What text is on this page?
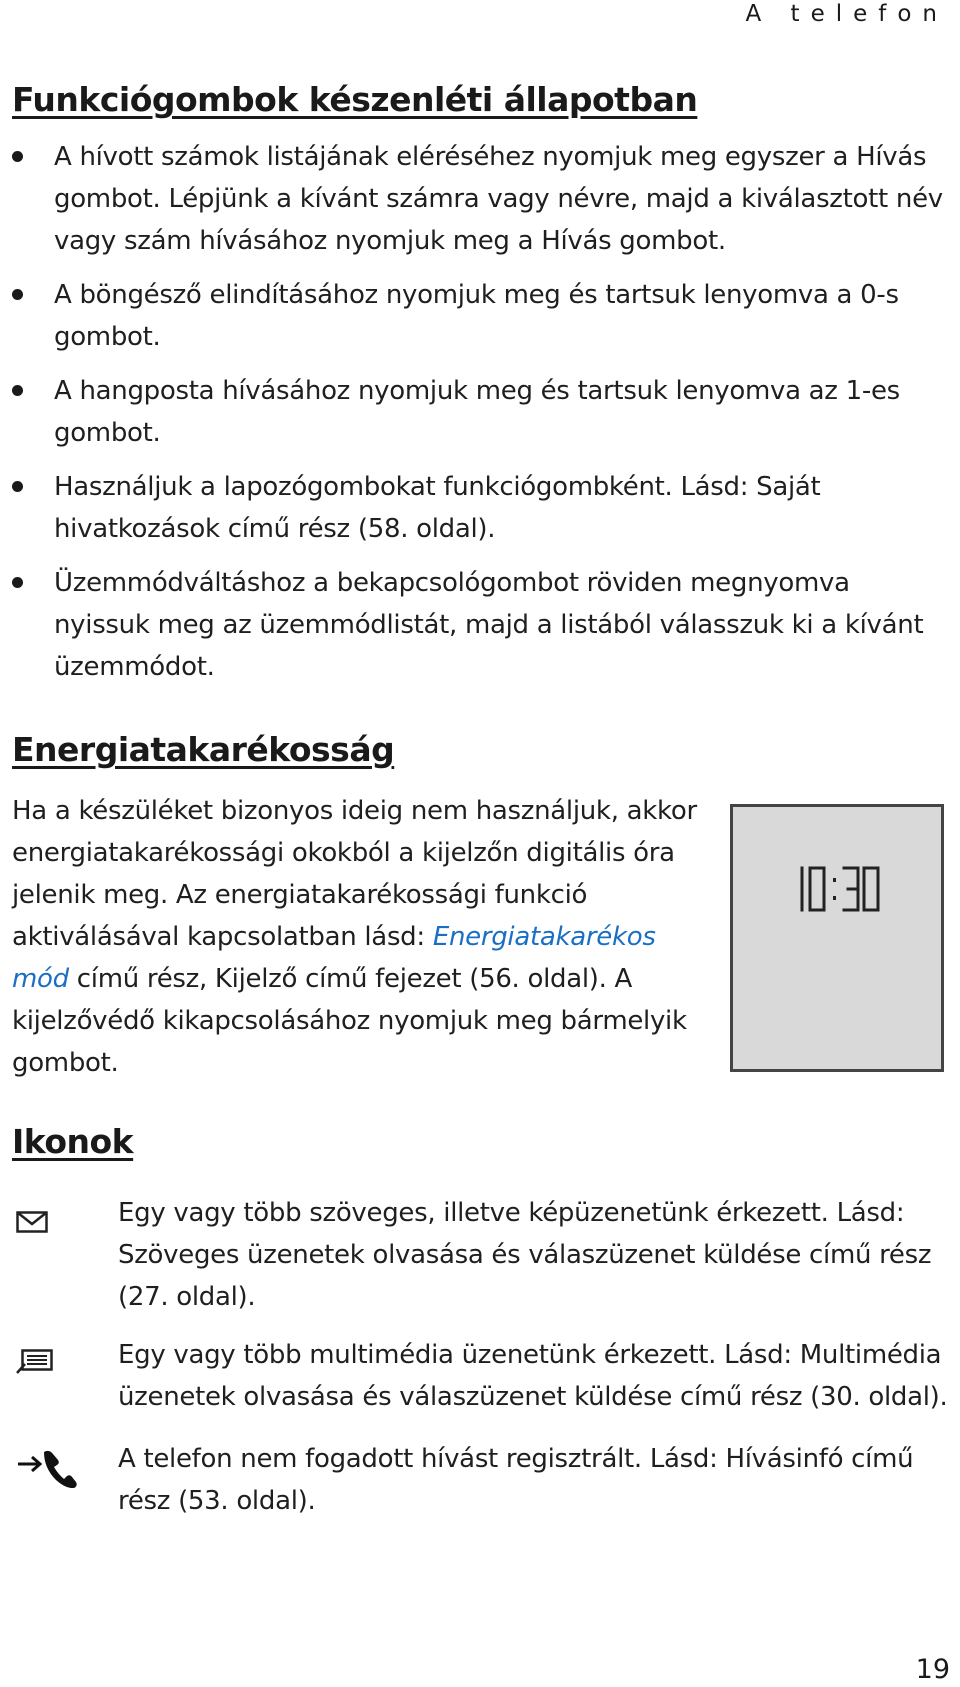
A telefon
Funkciógombok készenléti állapotban
A hívott számok listájának eléréséhez nyomjuk meg egyszer a Hívás gombot. Lépjünk a kívánt számra vagy névre, majd a kiválasztott név vagy szám hívásához nyomjuk meg a Hívás gombot.
A böngésző elindításához nyomjuk meg és tartsuk lenyomva a 0-s gombot.
A hangposta hívásához nyomjuk meg és tartsuk lenyomva az 1-es gombot.
Használjuk a lapozógombokat funkciógombként. Lásd: Saját hivatkozások című rész (58. oldal).
Üzemmódváltáshoz a bekapcsológombot röviden megnyomva nyissuk meg az üzemmódlistát, majd a listából válasszuk ki a kívánt üzemmódot.
Energiatakarékosság
Ha a készüléket bizonyos ideig nem használjuk, akkor energiatakarékossági okokból a kijelzőn digitális óra jelenik meg. Az energiatakarékossági funkció aktiválásával kapcsolatban lásd: Energiatakarékos mód című rész, Kijelző című fejezet (56. oldal). A kijelzővédő kikapcsolásához nyomjuk meg bármelyik gombot.
Ikonok
Egy vagy több szöveges, illetve képüzenetünk érkezett. Lásd: Szöveges üzenetek olvasása és válaszüzenet küldése című rész (27. oldal).
Egy vagy több multimédia üzenetünk érkezett. Lásd: Multimédia üzenetek olvasása és válaszüzenet küldése című rész (30. oldal).
A telefon nem fogadott hívást regisztrált. Lásd: Hívásinfó című rész (53. oldal).
19
